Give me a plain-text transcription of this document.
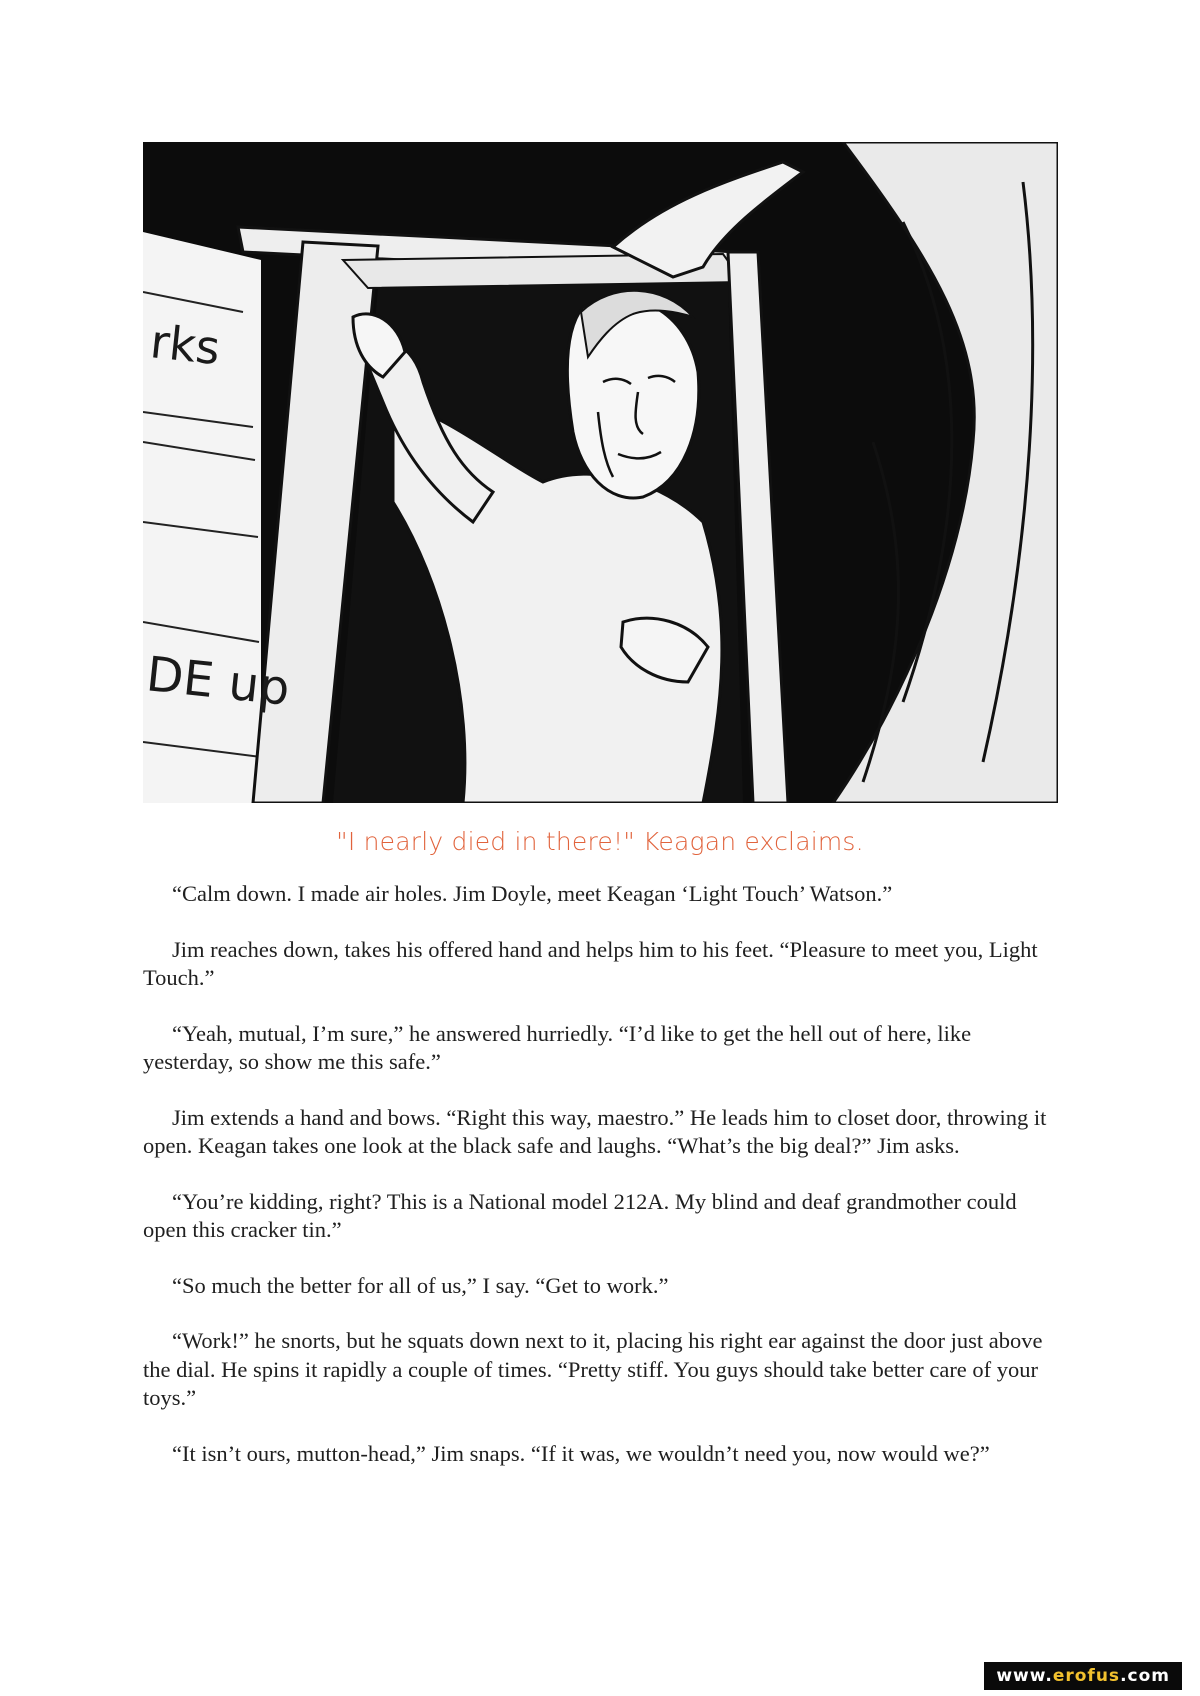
rks
DE up
"I nearly died in there!" Keagan exclaims.

“Calm down. I made air holes. Jim Doyle, meet Keagan ‘Light Touch’ Watson.”

Jim reaches down, takes his offered hand and helps him to his feet. “Pleasure to meet you, Light Touch.”

“Yeah, mutual, I’m sure,” he answered hurriedly. “I’d like to get the hell out of here, like yesterday, so show me this safe.”

Jim extends a hand and bows. “Right this way, maestro.” He leads him to closet door, throwing it open. Keagan takes one look at the black safe and laughs. “What’s the big deal?” Jim asks.

“You’re kidding, right? This is a National model 212A. My blind and deaf grandmother could open this cracker tin.”

“So much the better for all of us,” I say. “Get to work.”

“Work!” he snorts, but he squats down next to it, placing his right ear against the door just above the dial. He spins it rapidly a couple of times. “Pretty stiff. You guys should take better care of your toys.”

“It isn’t ours, mutton-head,” Jim snaps. “If it was, we wouldn’t need you, now would we?”

www.erofus.com
